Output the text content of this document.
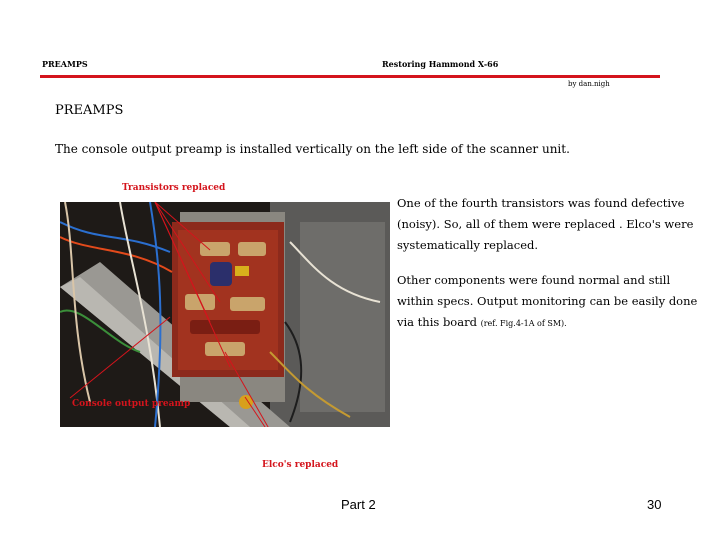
PREAMPS	Restoring Hammond X-66
by dan.nigh
PREAMPS
The console output preamp is installed vertically on the left side of the scanner unit.
Transistors replaced
Console output preamp
Elco's replaced
One of the fourth transistors was found defective (noisy). So, all of them were replaced . Elco's were systematically replaced.
Other components were found normal and still within specs. Output monitoring can be easily done via this board (ref. Fig.4-1A of SM).
Part 2	30
